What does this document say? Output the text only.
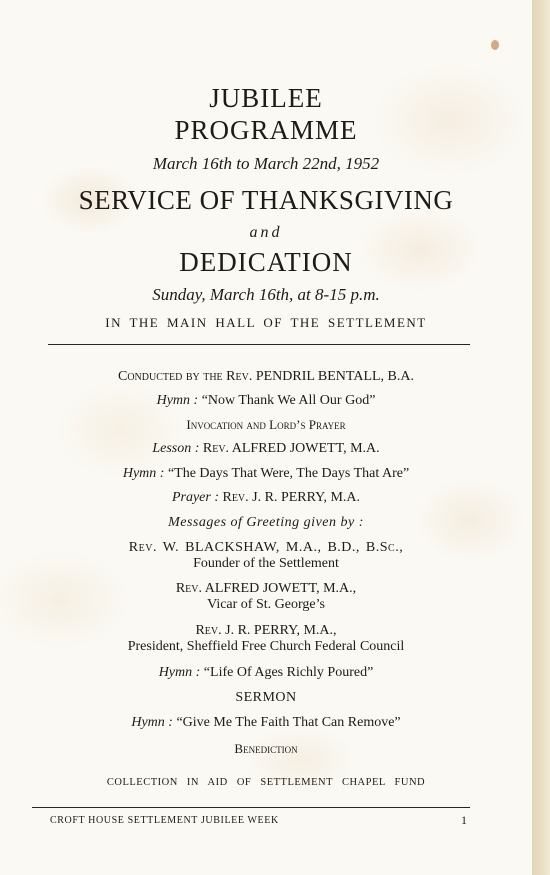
JUBILEE
PROGRAMME
March 16th to March 22nd, 1952
SERVICE OF THANKSGIVING
and
DEDICATION
Sunday, March 16th, at 8-15 p.m.
IN THE MAIN HALL OF THE SETTLEMENT
Conducted by the Rev. PENDRIL BENTALL, B.A.
Hymn : “Now Thank We All Our God”
Invocation and Lord’s Prayer
Lesson : Rev. ALFRED JOWETT, M.A.
Hymn : “The Days That Were, The Days That Are”
Prayer : Rev. J. R. PERRY, M.A.
Messages of Greeting given by :
Rev. W. BLACKSHAW, M.A., B.D., B.Sc.,
Founder of the Settlement
Rev. ALFRED JOWETT, M.A.,
Vicar of St. George’s
Rev. J. R. PERRY, M.A.,
President, Sheffield Free Church Federal Council
Hymn : “Life Of Ages Richly Poured”
SERMON
Hymn : “Give Me The Faith That Can Remove”
Benediction
COLLECTION IN AID OF SETTLEMENT CHAPEL FUND
CROFT HOUSE SETTLEMENT JUBILEE WEEK	1
